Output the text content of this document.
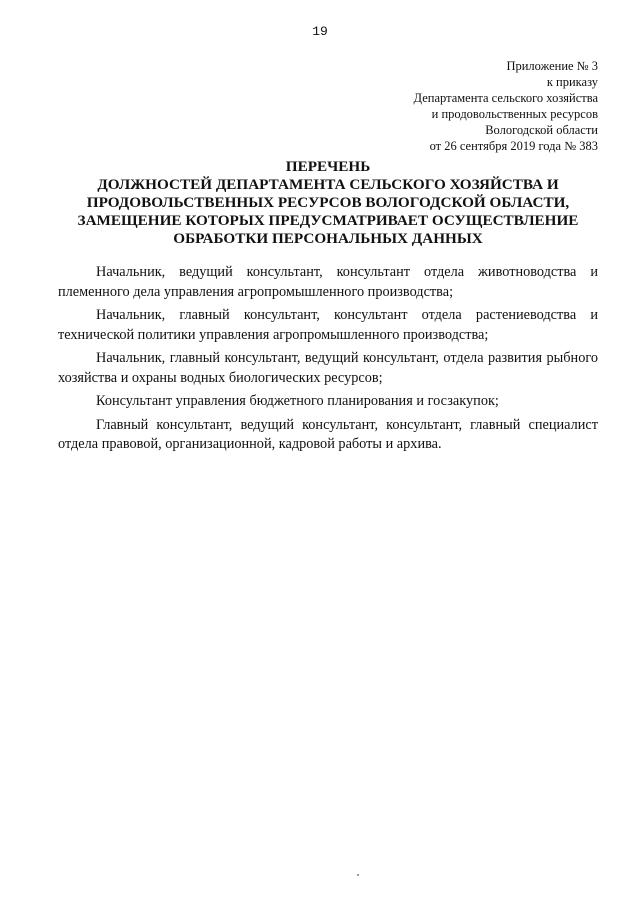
19
Приложение № 3
к приказу
Департамента сельского хозяйства
и продовольственных ресурсов
Вологодской области
от 26 сентября 2019 года № 383
ПЕРЕЧЕНЬ
ДОЛЖНОСТЕЙ ДЕПАРТАМЕНТА СЕЛЬСКОГО ХОЗЯЙСТВА И
ПРОДОВОЛЬСТВЕННЫХ РЕСУРСОВ ВОЛОГОДСКОЙ ОБЛАСТИ,
ЗАМЕЩЕНИЕ КОТОРЫХ ПРЕДУСМАТРИВАЕТ ОСУЩЕСТВЛЕНИЕ
ОБРАБОТКИ ПЕРСОНАЛЬНЫХ ДАННЫХ

Начальник, ведущий консультант, консультант отдела животноводства и племенного дела управления агропромышленного производства;

Начальник, главный консультант, консультант отдела растениеводства и технической политики управления агропромышленного производства;

Начальник, главный консультант, ведущий консультант, отдела развития рыбного хозяйства и охраны водных биологических ресурсов;

Консультант управления бюджетного планирования и госзакупок;

Главный консультант, ведущий консультант, консультант, главный специалист отдела правовой, организационной, кадровой работы и архива.
